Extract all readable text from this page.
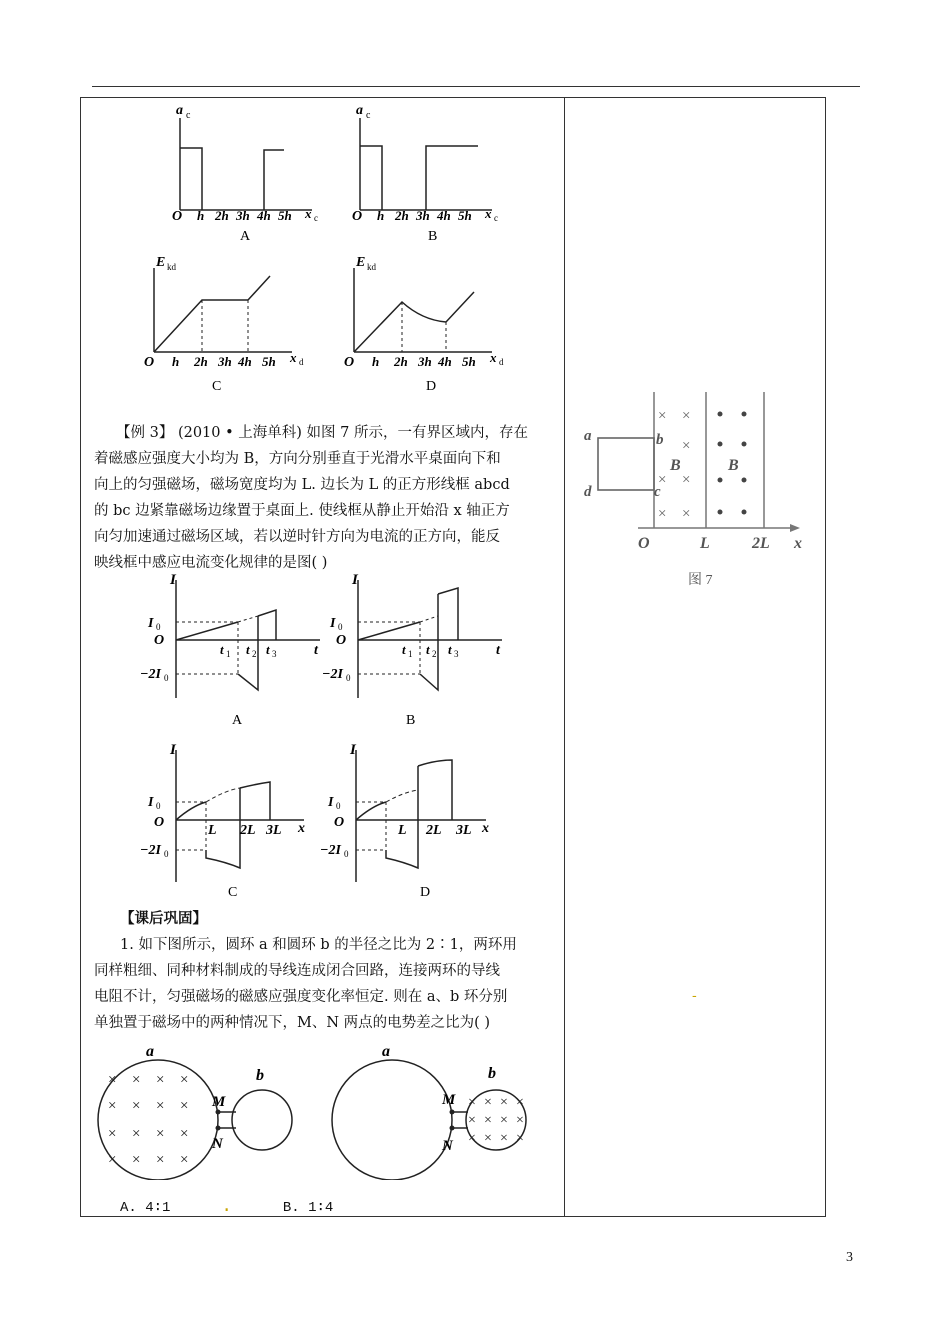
3
a c
O h 2h 3h 4h 5h x c
A
a c
O h 2h 3h 4h 5h x c
B
E kd
O h 2h 3h 4h 5h x d
C
E kd
O h 2h 3h 4h 5h x d
D
【例 3】 (2010 • 上海单科) 如图 7 所示，一有界区域内，存在
着磁感应强度大小均为 B，方向分别垂直于光滑水平桌面向下和
向上的匀强磁场，磁场宽度均为 L. 边长为 L 的正方形线框 abcd
的 bc 边紧靠磁场边缘置于桌面上. 使线框从静止开始沿 x 轴正方
向匀加速通过磁场区域，若以逆时针方向为电流的正方向，能反
映线框中感应电流变化规律的是图( )
I
I 0
O
−2I 0
t 1 t 2 t 3	t
A
I
I 0
O
−2I 0
t 1 t 2 t 3	t
B
I
I 0
O
−2I 0
L 2L 3L x
C
I
I 0
O
−2I 0
L 2L 3L x
D
【课后巩固】
1. 如下图所示，圆环 a 和圆环 b 的半径之比为 2∶1，两环用
同样粗细、同种材料制成的导线连成闭合回路，连接两环的导线
电阻不计，匀强磁场的磁感应强度变化率恒定. 则在 a、b 环分别
单独置于磁场中的两种情况下，M、N 两点的电势差之比为( )
a
M
N
b
× × × ×
× × × ×
× × × ×
× × × ×
a
M
N
b
× × × ×
× × × ×
× × × ×
A. 4∶1	.	B. 1∶4
a	b
c
d
× ×
×
× ×
× ×
B	B
O	L	2L x
图 7
-
